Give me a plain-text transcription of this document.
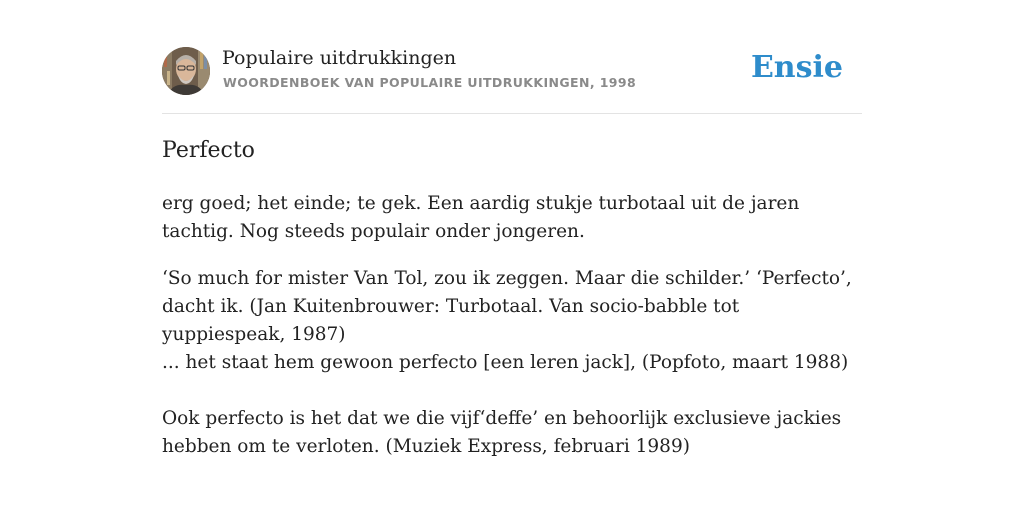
Populaire uitdrukkingen
WOORDENBOEK VAN POPULAIRE UITDRUKKINGEN, 1998	Ensie
Perfecto

erg goed; het einde; te gek. Een aardig stukje turbotaal uit de jaren tachtig. Nog steeds populair onder jongeren.

‘So much for mister Van Tol, zou ik zeggen. Maar die schilder.’ ‘Perfecto’, dacht ik. (Jan Kuitenbrouwer: Turbotaal. Van socio-babble tot yuppiespeak, 1987)

... het staat hem gewoon perfecto [een leren jack], (Popfoto, maart 1988)

Ook perfecto is het dat we die vijf‘deffe’ en behoorlijk exclusieve jackies hebben om te verloten. (Muziek Express, februari 1989)
